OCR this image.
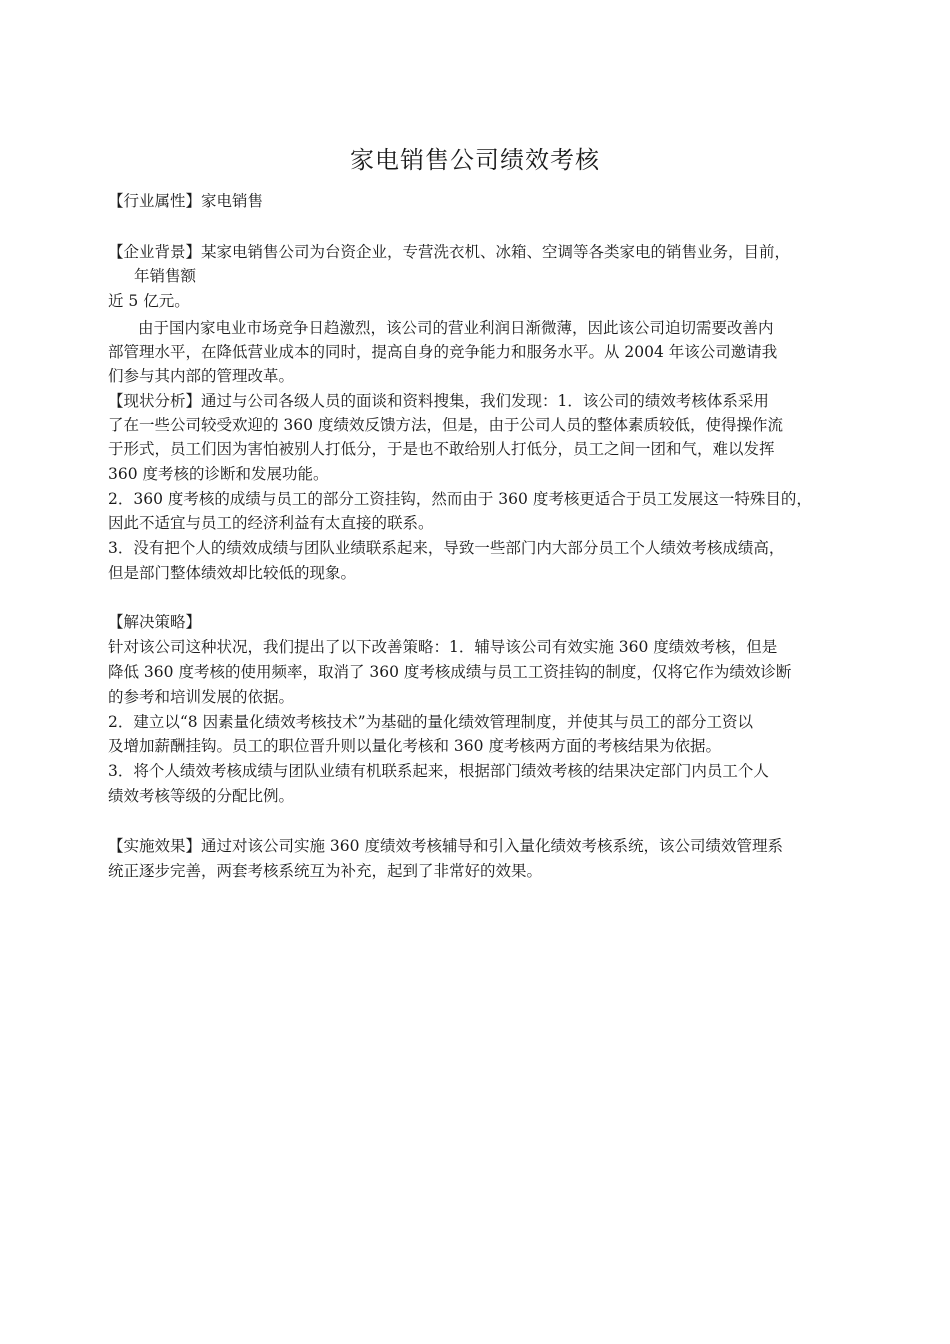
家电销售公司绩效考核
【行业属性】家电销售
【企业背景】某家电销售公司为台资企业，专营洗衣机、冰箱、空调等各类家电的销售业务，目前，
年销售额
近 5 亿元。
由于国内家电业市场竞争日趋激烈，该公司的营业利润日渐微薄，因此该公司迫切需要改善内
部管理水平，在降低营业成本的同时，提高自身的竞争能力和服务水平。从 2004 年该公司邀请我
们参与其内部的管理改革。
【现状分析】通过与公司各级人员的面谈和资料搜集，我们发现：1．该公司的绩效考核体系采用
了在一些公司较受欢迎的 360 度绩效反馈方法，但是，由于公司人员的整体素质较低，使得操作流
于形式，员工们因为害怕被别人打低分，于是也不敢给别人打低分，员工之间一团和气，难以发挥
360 度考核的诊断和发展功能。
2．360 度考核的成绩与员工的部分工资挂钩，然而由于 360 度考核更适合于员工发展这一特殊目的，
因此不适宜与员工的经济利益有太直接的联系。
3．没有把个人的绩效成绩与团队业绩联系起来，导致一些部门内大部分员工个人绩效考核成绩高，
但是部门整体绩效却比较低的现象。
【解决策略】
针对该公司这种状况，我们提出了以下改善策略：1．辅导该公司有效实施 360 度绩效考核，但是
降低 360 度考核的使用频率，取消了 360 度考核成绩与员工工资挂钩的制度，仅将它作为绩效诊断
的参考和培训发展的依据。
2．建立以“8 因素量化绩效考核技术”为基础的量化绩效管理制度，并使其与员工的部分工资以
及增加薪酬挂钩。员工的职位晋升则以量化考核和 360 度考核两方面的考核结果为依据。
3．将个人绩效考核成绩与团队业绩有机联系起来，根据部门绩效考核的结果决定部门内员工个人
绩效考核等级的分配比例。
【实施效果】通过对该公司实施 360 度绩效考核辅导和引入量化绩效考核系统，该公司绩效管理系
统正逐步完善，两套考核系统互为补充，起到了非常好的效果。
